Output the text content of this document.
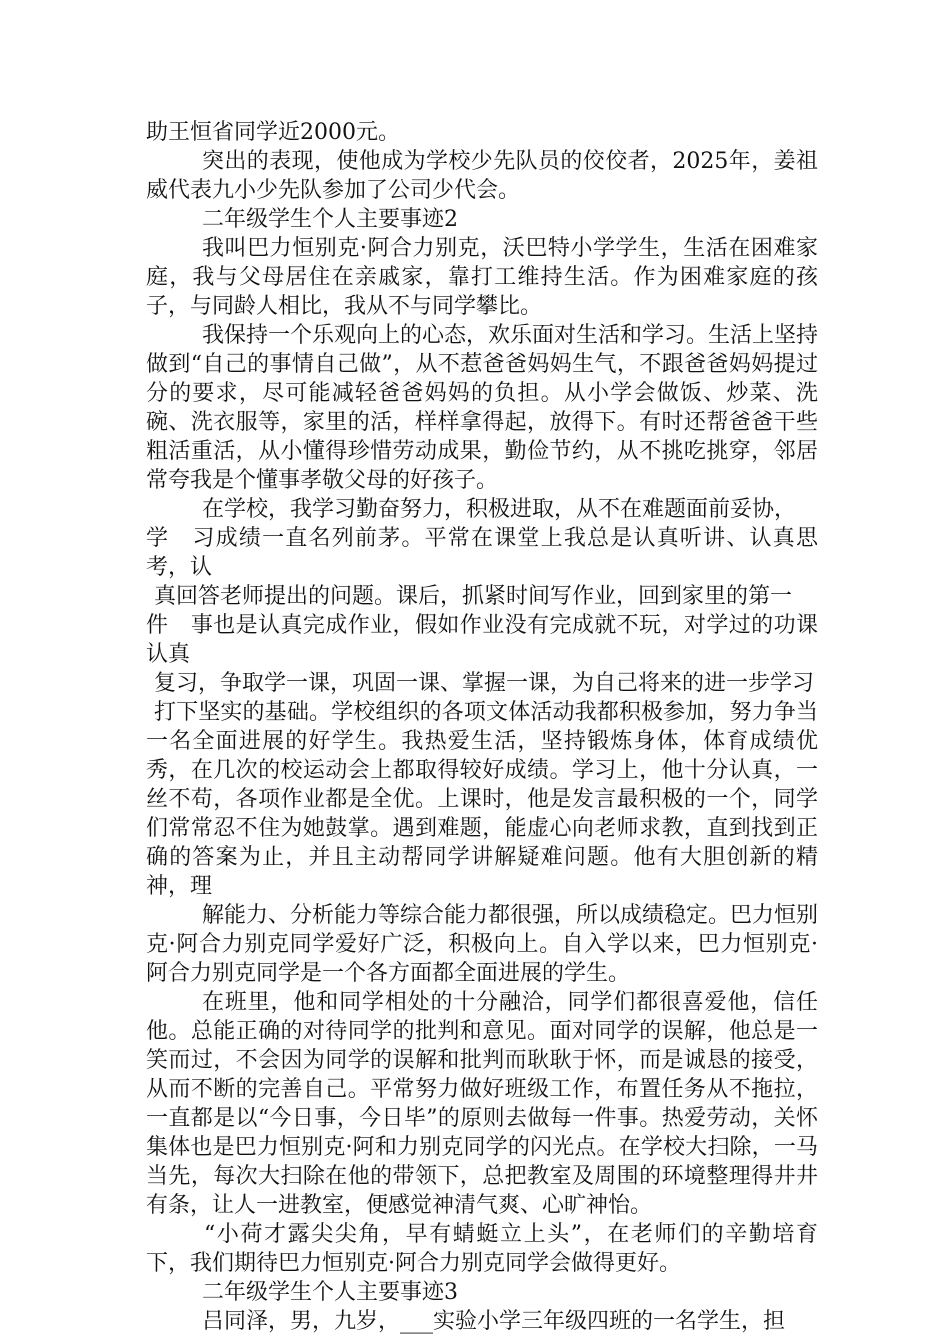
助王恒省同学近2000元。

突出的表现，使他成为学校少先队员的佼佼者，2025年，姜祖威代表九小少先队参加了公司少代会。

二年级学生个人主要事迹2

我叫巴力恒别克·阿合力别克，沃巴特小学学生，生活在困难家庭，我与父母居住在亲戚家，靠打工维持生活。作为困难家庭的孩子，与同龄人相比，我从不与同学攀比。

我保持一个乐观向上的心态，欢乐面对生活和学习。生活上坚持做到“自己的事情自己做”，从不惹爸爸妈妈生气，不跟爸爸妈妈提过分的要求，尽可能减轻爸爸妈妈的负担。从小学会做饭、炒菜、洗碗、洗衣服等，家里的活，样样拿得起，放得下。有时还帮爸爸干些粗活重活，从小懂得珍惜劳动成果，勤俭节约，从不挑吃挑穿，邻居常夸我是个懂事孝敬父母的好孩子。

在学校，我学习勤奋努力，积极进取，从不在难题面前妥协，

学　习成绩一直名列前茅。平常在课堂上我总是认真听讲、认真思考，认

真回答老师提出的问题。课后，抓紧时间写作业，回到家里的第一

件　事也是认真完成作业，假如作业没有完成就不玩，对学过的功课认真

复习，争取学一课，巩固一课、掌握一课，为自己将来的进一步学习

打下坚实的基础。学校组织的各项文体活动我都积极参加，努力争当一名全面进展的好学生。我热爱生活，坚持锻炼身体，体育成绩优秀，在几次的校运动会上都取得较好成绩。学习上，他十分认真，一丝不苟，各项作业都是全优。上课时，他是发言最积极的一个，同学们常常忍不住为她鼓掌。遇到难题，能虚心向老师求教，直到找到正确的答案为止，并且主动帮同学讲解疑难问题。他有大胆创新的精神，理

解能力、分析能力等综合能力都很强，所以成绩稳定。巴力恒别克·阿合力别克同学爱好广泛，积极向上。自入学以来，巴力恒别克·阿合力别克同学是一个各方面都全面进展的学生。

在班里，他和同学相处的十分融洽，同学们都很喜爱他，信任他。总能正确的对待同学的批判和意见。面对同学的误解，他总是一笑而过，不会因为同学的误解和批判而耿耿于怀，而是诚恳的接受，从而不断的完善自己。平常努力做好班级工作，布置任务从不拖拉，一直都是以“今日事，今日毕”的原则去做每一件事。热爱劳动，关怀集体也是巴力恒别克·阿和力别克同学的闪光点。在学校大扫除，一马当先，每次大扫除在他的带领下，总把教室及周围的环境整理得井井有条，让人一进教室，便感觉神清气爽、心旷神怡。

“小荷才露尖尖角，早有蜻蜓立上头”，在老师们的辛勤培育下，我们期待巴力恒别克·阿合力别克同学会做得更好。

二年级学生个人主要事迹3

吕同泽，男，九岁，___实验小学三年级四班的一名学生，担
